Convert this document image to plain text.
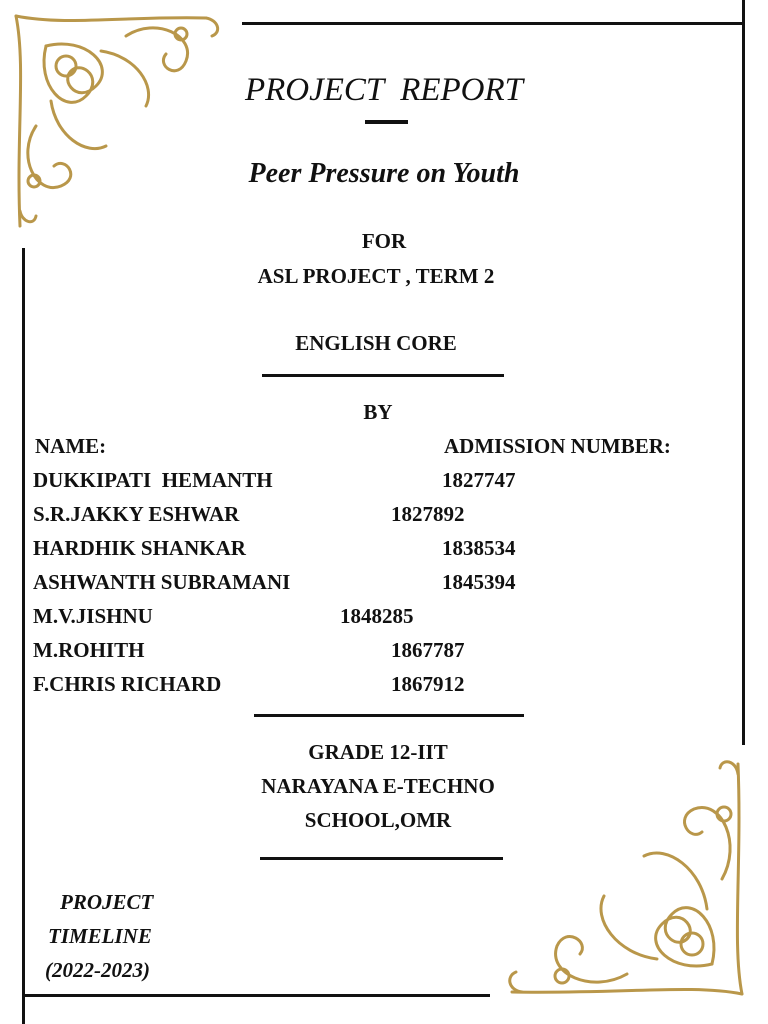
PROJECT  REPORT
Peer Pressure on Youth
FOR
ASL PROJECT , TERM 2
ENGLISH CORE
BY
NAME:	ADMISSION NUMBER:
DUKKIPATI  HEMANTH	1827747
S.R.JAKKY ESHWAR	1827892
HARDHIK SHANKAR	1838534
ASHWANTH SUBRAMANI	1845394
M.V.JISHNU	1848285
M.ROHITH	1867787
F.CHRIS RICHARD	1867912
GRADE 12-IIT
NARAYANA E-TECHNO
SCHOOL,OMR
PROJECT
TIMELINE
(2022-2023)
